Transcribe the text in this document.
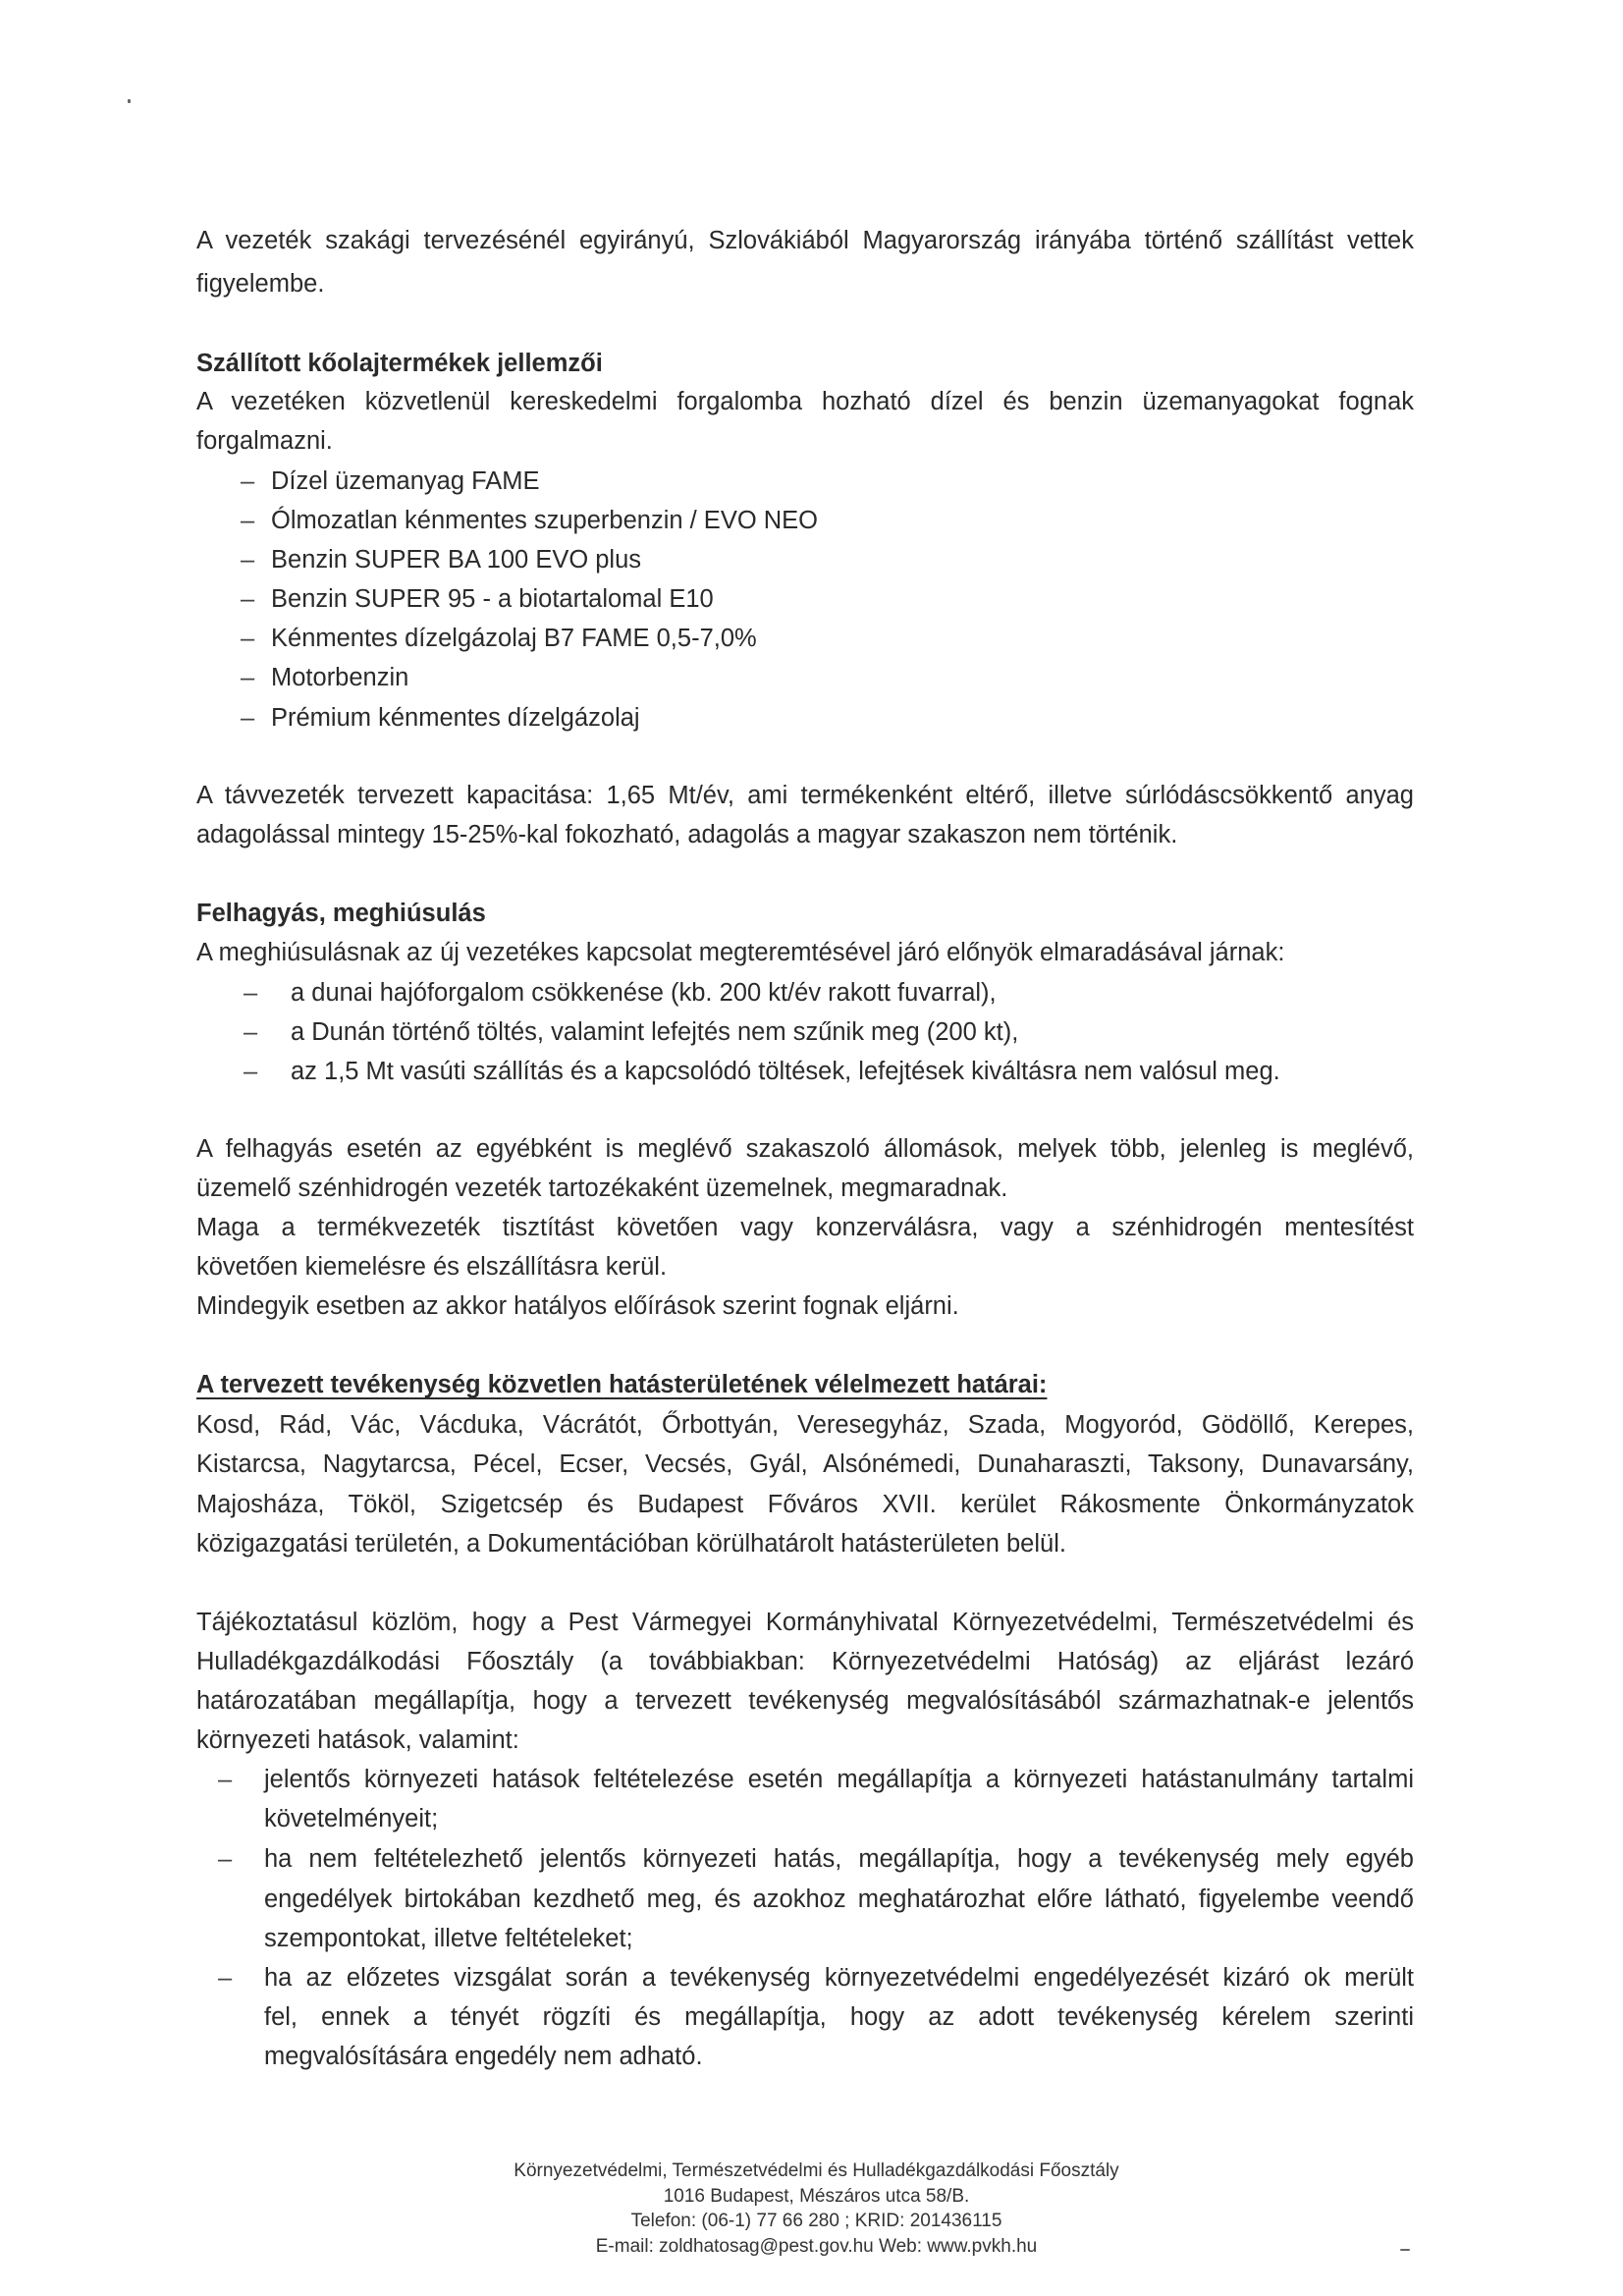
A vezeték szakági tervezésénél egyirányú, Szlovákiából Magyarország irányába történő szállítást vettek
figyelembe.
Szállított kőolajtermékek jellemzői
A vezetéken közvetlenül kereskedelmi forgalomba hozható dízel és benzin üzemanyagokat fognak
forgalmazni.
– Dízel üzemanyag FAME
– Ólmozatlan kénmentes szuperbenzin / EVO NEO
– Benzin SUPER BA 100 EVO plus
– Benzin SUPER 95 - a biotartalomal E10
– Kénmentes dízelgázolaj B7 FAME 0,5-7,0%
– Motorbenzin
– Prémium kénmentes dízelgázolaj
A távvezeték tervezett kapacitása: 1,65 Mt/év, ami termékenként eltérő, illetve súrlódáscsökkentő anyag
adagolással mintegy 15-25%-kal fokozható, adagolás a magyar szakaszon nem történik.
Felhagyás, meghiúsulás
A meghiúsulásnak az új vezetékes kapcsolat megteremtésével járó előnyök elmaradásával járnak:
– a dunai hajóforgalom csökkenése (kb. 200 kt/év rakott fuvarral),
– a Dunán történő töltés, valamint lefejtés nem szűnik meg (200 kt),
– az 1,5 Mt vasúti szállítás és a kapcsolódó töltések, lefejtések kiváltásra nem valósul meg.
A felhagyás esetén az egyébként is meglévő szakaszoló állomások, melyek több, jelenleg is meglévő,
üzemelő szénhidrogén vezeték tartozékaként üzemelnek, megmaradnak.
Maga a termékvezeték tisztítást követően vagy konzerválásra, vagy a szénhidrogén mentesítést
követően kiemelésre és elszállításra kerül.
Mindegyik esetben az akkor hatályos előírások szerint fognak eljárni.
A tervezett tevékenység közvetlen hatásterületének vélelmezett határai:
Kosd, Rád, Vác, Vácduka, Vácrátót, Őrbottyán, Veresegyház, Szada, Mogyoród, Gödöllő, Kerepes,
Kistarcsa, Nagytarcsa, Pécel, Ecser, Vecsés, Gyál, Alsónémedi, Dunaharaszti, Taksony, Dunavarsány,
Majosháza, Tököl, Szigetcsép és Budapest Főváros XVII. kerület Rákosmente Önkormányzatok
közigazgatási területén, a Dokumentációban körülhatárolt hatásterületen belül.
Tájékoztatásul közlöm, hogy a Pest Vármegyei Kormányhivatal Környezetvédelmi, Természetvédelmi és
Hulladékgazdálkodási Főosztály (a továbbiakban: Környezetvédelmi Hatóság) az eljárást lezáró
határozatában megállapítja, hogy a tervezett tevékenység megvalósításából származhatnak-e jelentős
környezeti hatások, valamint:
– jelentős környezeti hatások feltételezése esetén megállapítja a környezeti hatástanulmány tartalmi
követelményeit;
– ha nem feltételezhető jelentős környezeti hatás, megállapítja, hogy a tevékenység mely egyéb
engedélyek birtokában kezdhető meg, és azokhoz meghatározhat előre látható, figyelembe veendő
szempontokat, illetve feltételeket;
– ha az előzetes vizsgálat során a tevékenység környezetvédelmi engedélyezését kizáró ok merült
fel, ennek a tényét rögzíti és megállapítja, hogy az adott tevékenység kérelem szerinti
megvalósítására engedély nem adható.
Környezetvédelmi, Természetvédelmi és Hulladékgazdálkodási Főosztály
1016 Budapest, Mészáros utca 58/B.
Telefon: (06-1) 77 66 280 ; KRID: 201436115
E-mail: zoldhatosag@pest.gov.hu Web: www.pvkh.hu
